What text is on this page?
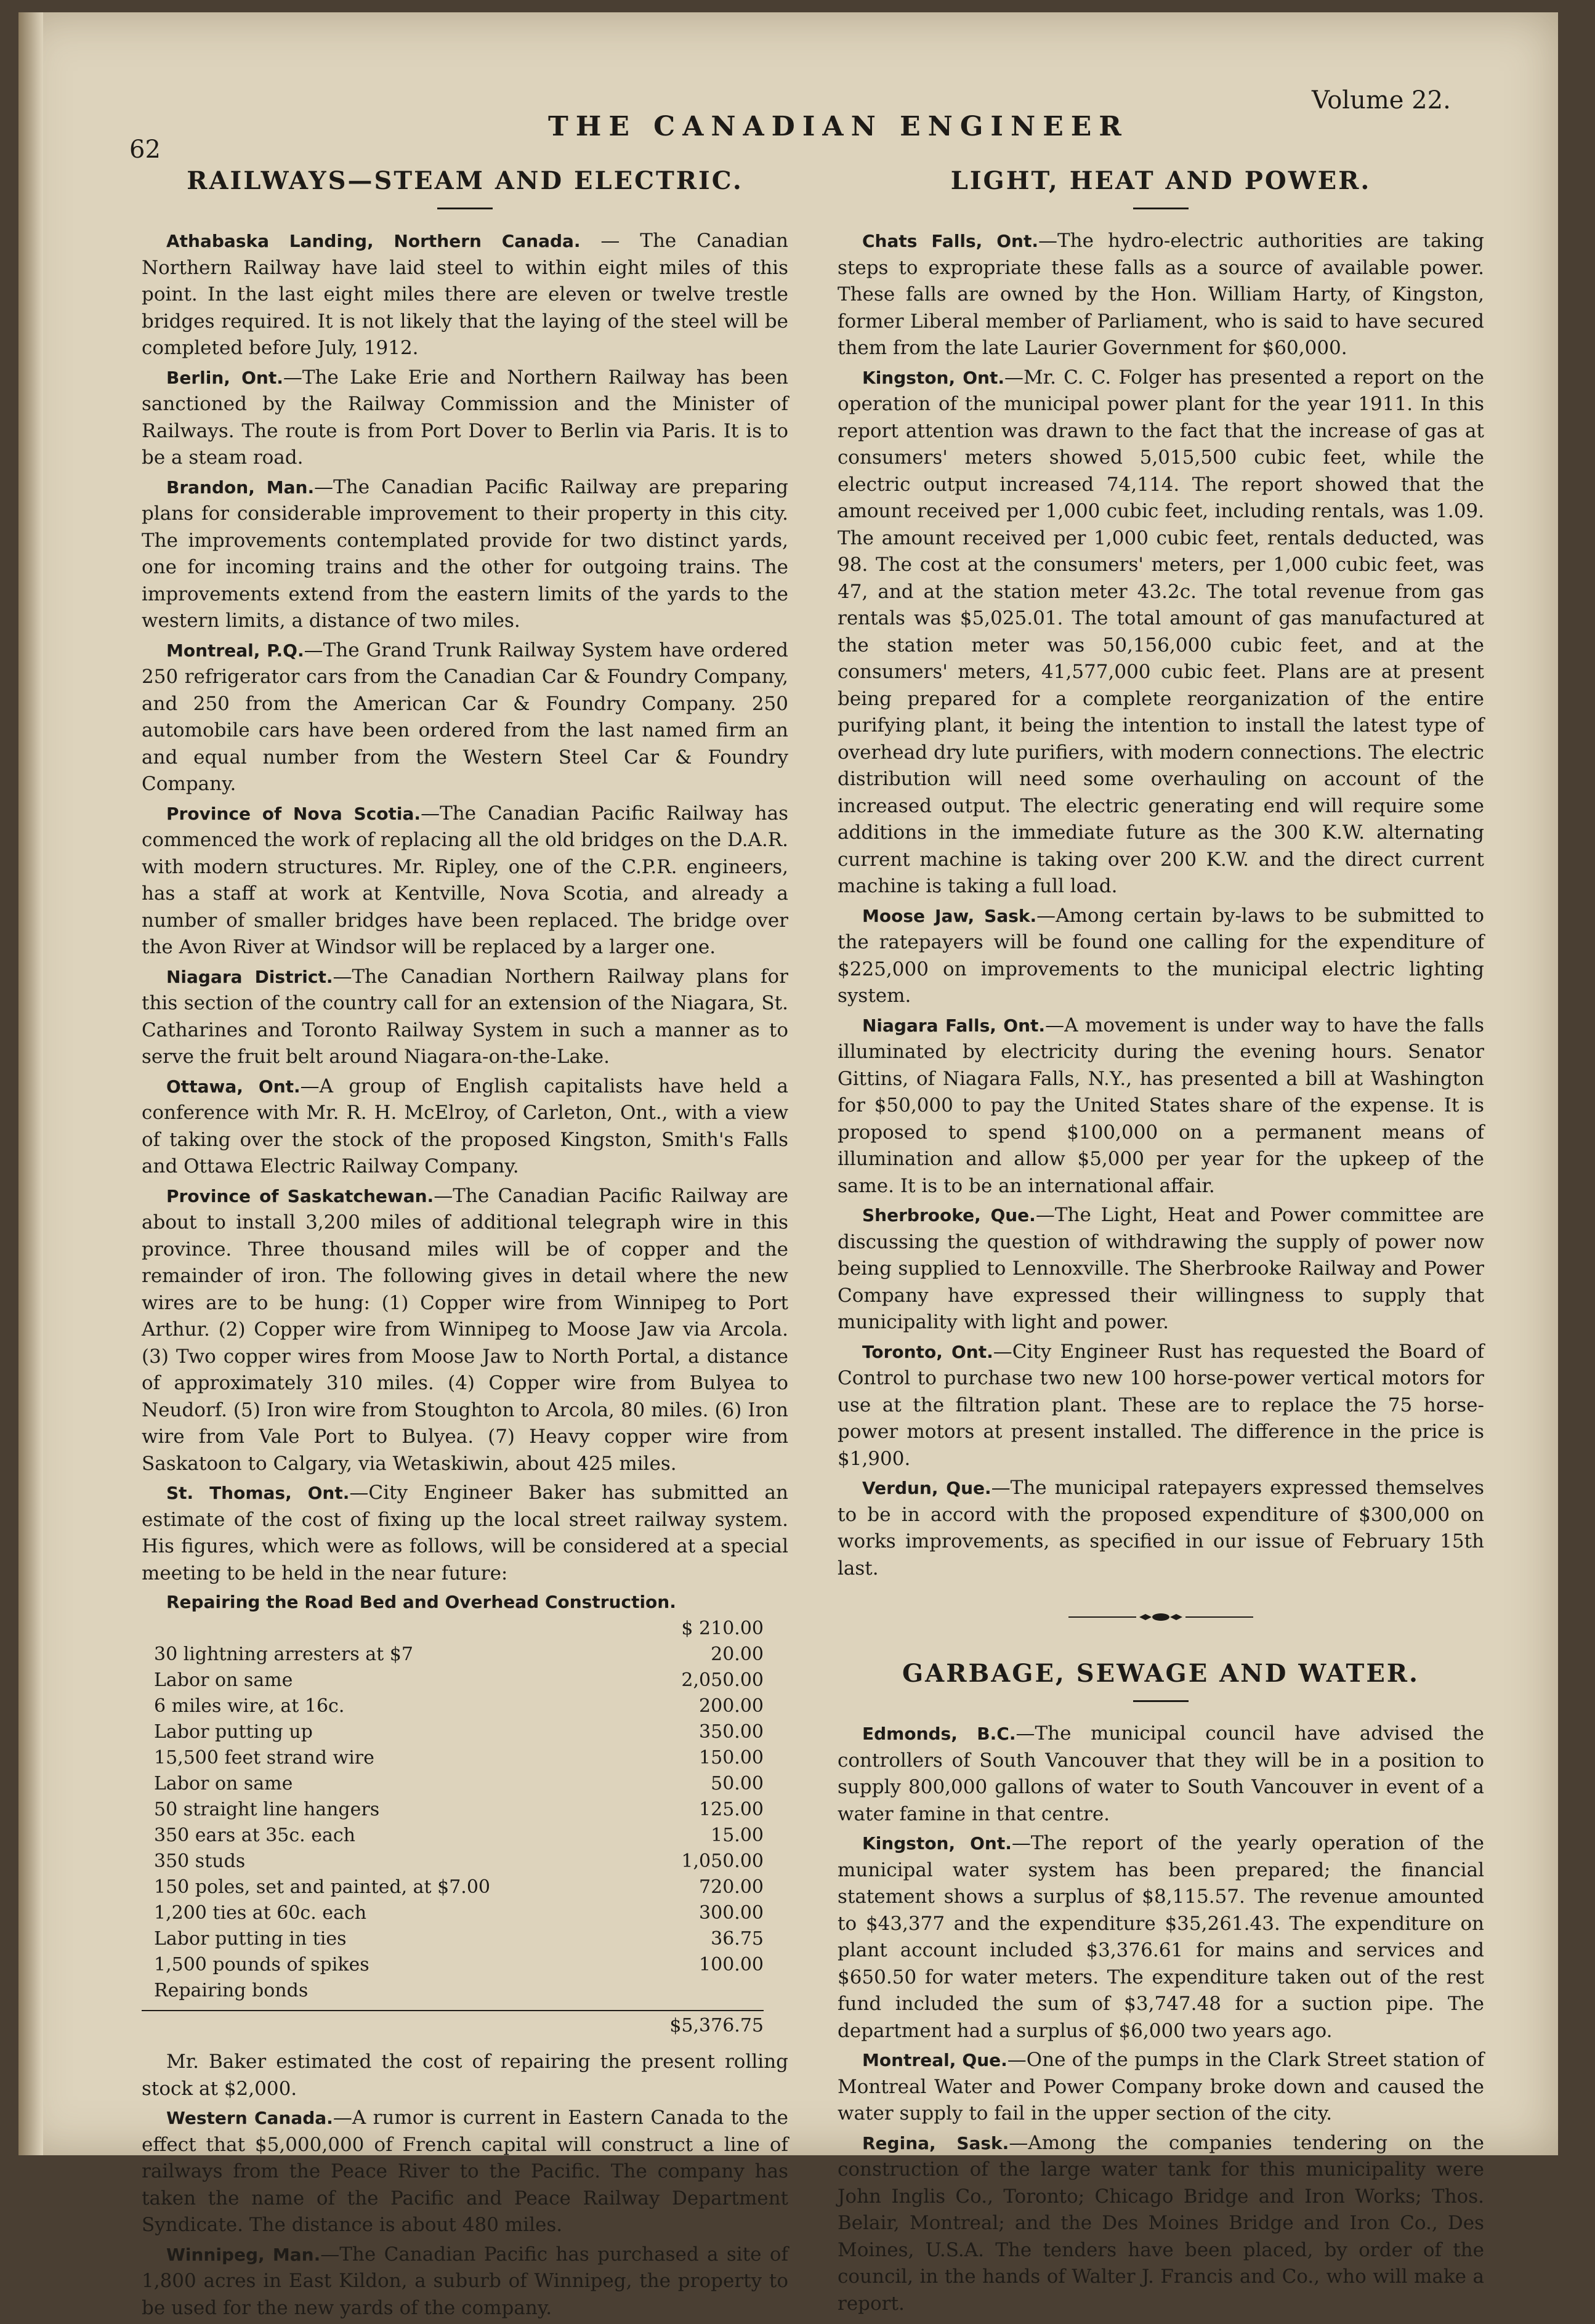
62
THE CANADIAN ENGINEER
Volume 22.
RAILWAYS—STEAM AND ELECTRIC.

Athabaska Landing, Northern Canada. — The Canadian Northern Railway have laid steel to within eight miles of this point. In the last eight miles there are eleven or twelve trestle bridges required. It is not likely that the laying of the steel will be completed before July, 1912.

Berlin, Ont.—The Lake Erie and Northern Railway has been sanctioned by the Railway Commission and the Minister of Railways. The route is from Port Dover to Berlin via Paris. It is to be a steam road.

Brandon, Man.—The Canadian Pacific Railway are preparing plans for considerable improvement to their property in this city. The improvements contemplated provide for two distinct yards, one for incoming trains and the other for outgoing trains. The improvements extend from the eastern limits of the yards to the western limits, a distance of two miles.

Montreal, P.Q.—The Grand Trunk Railway System have ordered 250 refrigerator cars from the Canadian Car & Foundry Company, and 250 from the American Car & Foundry Company. 250 automobile cars have been ordered from the last named firm an and equal number from the Western Steel Car & Foundry Company.

Province of Nova Scotia.—The Canadian Pacific Railway has commenced the work of replacing all the old bridges on the D.A.R. with modern structures. Mr. Ripley, one of the C.P.R. engineers, has a staff at work at Kentville, Nova Scotia, and already a number of smaller bridges have been replaced. The bridge over the Avon River at Windsor will be replaced by a larger one.

Niagara District.—The Canadian Northern Railway plans for this section of the country call for an extension of the Niagara, St. Catharines and Toronto Railway System in such a manner as to serve the fruit belt around Niagara-on-the-Lake.

Ottawa, Ont.—A group of English capitalists have held a conference with Mr. R. H. McElroy, of Carleton, Ont., with a view of taking over the stock of the proposed Kingston, Smith's Falls and Ottawa Electric Railway Company.

Province of Saskatchewan.—The Canadian Pacific Railway are about to install 3,200 miles of additional telegraph wire in this province. Three thousand miles will be of copper and the remainder of iron. The following gives in detail where the new wires are to be hung: (1) Copper wire from Winnipeg to Port Arthur. (2) Copper wire from Winnipeg to Moose Jaw via Arcola. (3) Two copper wires from Moose Jaw to North Portal, a distance of approximately 310 miles. (4) Copper wire from Bulyea to Neudorf. (5) Iron wire from Stoughton to Arcola, 80 miles. (6) Iron wire from Vale Port to Bulyea. (7) Heavy copper wire from Saskatoon to Calgary, via Wetaskiwin, about 425 miles.

St. Thomas, Ont.—City Engineer Baker has submitted an estimate of the cost of fixing up the local street railway system. His figures, which were as follows, will be considered at a special meeting to be held in the near future:

Repairing the Road Bed and Overhead Construction.
	$ 210.00
30 lightning arresters at $7	20.00
Labor on same	2,050.00
6 miles wire, at 16c.	200.00
Labor putting up	350.00
15,500 feet strand wire	150.00
Labor on same	50.00
50 straight line hangers	125.00
350 ears at 35c. each	15.00
350 studs	1,050.00
150 poles, set and painted, at $7.00	720.00
1,200 ties at 60c. each	300.00
Labor putting in ties	36.75
1,500 pounds of spikes	100.00
Repairing bonds	
$5,376.75

Mr. Baker estimated the cost of repairing the present rolling stock at $2,000.

Western Canada.—A rumor is current in Eastern Canada to the effect that $5,000,000 of French capital will construct a line of railways from the Peace River to the Pacific. The company has taken the name of the Pacific and Peace Railway Department Syndicate. The distance is about 480 miles.

Winnipeg, Man.—The Canadian Pacific has purchased a site of 1,800 acres in East Kildon, a suburb of Winnipeg, the property to be used for the new yards of the company.

LIGHT, HEAT AND POWER.

Chats Falls, Ont.—The hydro-electric authorities are taking steps to expropriate these falls as a source of available power. These falls are owned by the Hon. William Harty, of Kingston, former Liberal member of Parliament, who is said to have secured them from the late Laurier Government for $60,000.

Kingston, Ont.—Mr. C. C. Folger has presented a report on the operation of the municipal power plant for the year 1911. In this report attention was drawn to the fact that the increase of gas at consumers' meters showed 5,015,500 cubic feet, while the electric output increased 74,114. The report showed that the amount received per 1,000 cubic feet, including rentals, was 1.09. The amount received per 1,000 cubic feet, rentals deducted, was 98. The cost at the consumers' meters, per 1,000 cubic feet, was 47, and at the station meter 43.2c. The total revenue from gas rentals was $5,025.01. The total amount of gas manufactured at the station meter was 50,156,000 cubic feet, and at the consumers' meters, 41,577,000 cubic feet. Plans are at present being prepared for a complete reorganization of the entire purifying plant, it being the intention to install the latest type of overhead dry lute purifiers, with modern connections. The electric distribution will need some overhauling on account of the increased output. The electric generating end will require some additions in the immediate future as the 300 K.W. alternating current machine is taking over 200 K.W. and the direct current machine is taking a full load.

Moose Jaw, Sask.—Among certain by-laws to be submitted to the ratepayers will be found one calling for the expenditure of $225,000 on improvements to the municipal electric lighting system.

Niagara Falls, Ont.—A movement is under way to have the falls illuminated by electricity during the evening hours. Senator Gittins, of Niagara Falls, N.Y., has presented a bill at Washington for $50,000 to pay the United States share of the expense. It is proposed to spend $100,000 on a permanent means of illumination and allow $5,000 per year for the upkeep of the same. It is to be an international affair.

Sherbrooke, Que.—The Light, Heat and Power committee are discussing the question of withdrawing the supply of power now being supplied to Lennoxville. The Sherbrooke Railway and Power Company have expressed their willingness to supply that municipality with light and power.

Toronto, Ont.—City Engineer Rust has requested the Board of Control to purchase two new 100 horse-power vertical motors for use at the filtration plant. These are to replace the 75 horse-power motors at present installed. The difference in the price is $1,900.

Verdun, Que.—The municipal ratepayers expressed themselves to be in accord with the proposed expenditure of $300,000 on works improvements, as specified in our issue of February 15th last.

GARBAGE, SEWAGE AND WATER.

Edmonds, B.C.—The municipal council have advised the controllers of South Vancouver that they will be in a position to supply 800,000 gallons of water to South Vancouver in event of a water famine in that centre.

Kingston, Ont.—The report of the yearly operation of the municipal water system has been prepared; the financial statement shows a surplus of $8,115.57. The revenue amounted to $43,377 and the expenditure $35,261.43. The expenditure on plant account included $3,376.61 for mains and services and $650.50 for water meters. The expenditure taken out of the rest fund included the sum of $3,747.48 for a suction pipe. The department had a surplus of $6,000 two years ago.

Montreal, Que.—One of the pumps in the Clark Street station of Montreal Water and Power Company broke down and caused the water supply to fail in the upper section of the city.

Regina, Sask.—Among the companies tendering on the construction of the large water tank for this municipality were John Inglis Co., Toronto; Chicago Bridge and Iron Works; Thos. Belair, Montreal; and the Des Moines Bridge and Iron Co., Des Moines, U.S.A. The tenders have been placed, by order of the council, in the hands of Walter J. Francis and Co., who will make a report.
